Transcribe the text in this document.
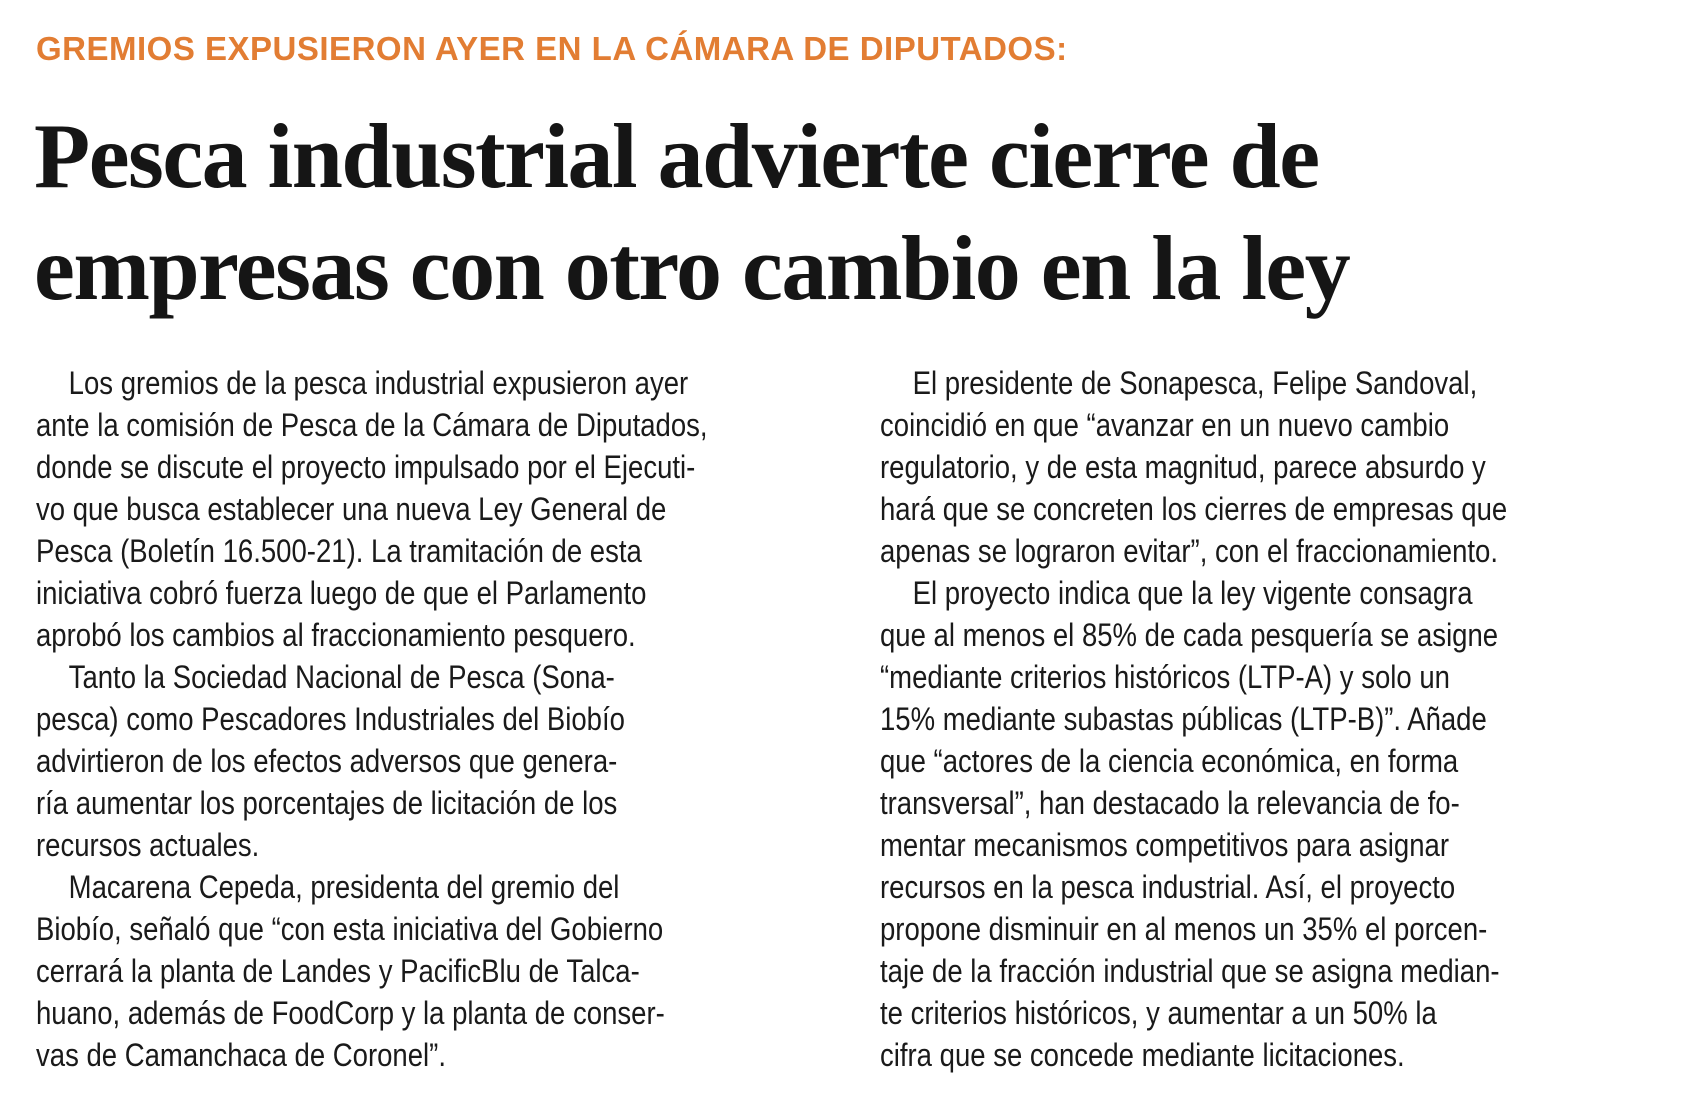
GREMIOS EXPUSIERON AYER EN LA CÁMARA DE DIPUTADOS:
Pesca industrial advierte cierre de
empresas con otro cambio en la ley

Los gremios de la pesca industrial expusieron ayer
ante la comisión de Pesca de la Cámara de Diputados,
donde se discute el proyecto impulsado por el Ejecuti-
vo que busca establecer una nueva Ley General de
Pesca (Boletín 16.500-21). La tramitación de esta
iniciativa cobró fuerza luego de que el Parlamento
aprobó los cambios al fraccionamiento pesquero.

Tanto la Sociedad Nacional de Pesca (Sona-
pesca) como Pescadores Industriales del Biobío
advirtieron de los efectos adversos que genera-
ría aumentar los porcentajes de licitación de los
recursos actuales.

Macarena Cepeda, presidenta del gremio del
Biobío, señaló que “con esta iniciativa del Gobierno
cerrará la planta de Landes y PacificBlu de Talca-
huano, además de FoodCorp y la planta de conser-
vas de Camanchaca de Coronel”.

El presidente de Sonapesca, Felipe Sandoval,
coincidió en que “avanzar en un nuevo cambio
regulatorio, y de esta magnitud, parece absurdo y
hará que se concreten los cierres de empresas que
apenas se lograron evitar”, con el fraccionamiento.

El proyecto indica que la ley vigente consagra
que al menos el 85% de cada pesquería se asigne
“mediante criterios históricos (LTP-A) y solo un
15% mediante subastas públicas (LTP-B)”. Añade
que “actores de la ciencia económica, en forma
transversal”, han destacado la relevancia de fo-
mentar mecanismos competitivos para asignar
recursos en la pesca industrial. Así, el proyecto
propone disminuir en al menos un 35% el porcen-
taje de la fracción industrial que se asigna median-
te criterios históricos, y aumentar a un 50% la
cifra que se concede mediante licitaciones.
